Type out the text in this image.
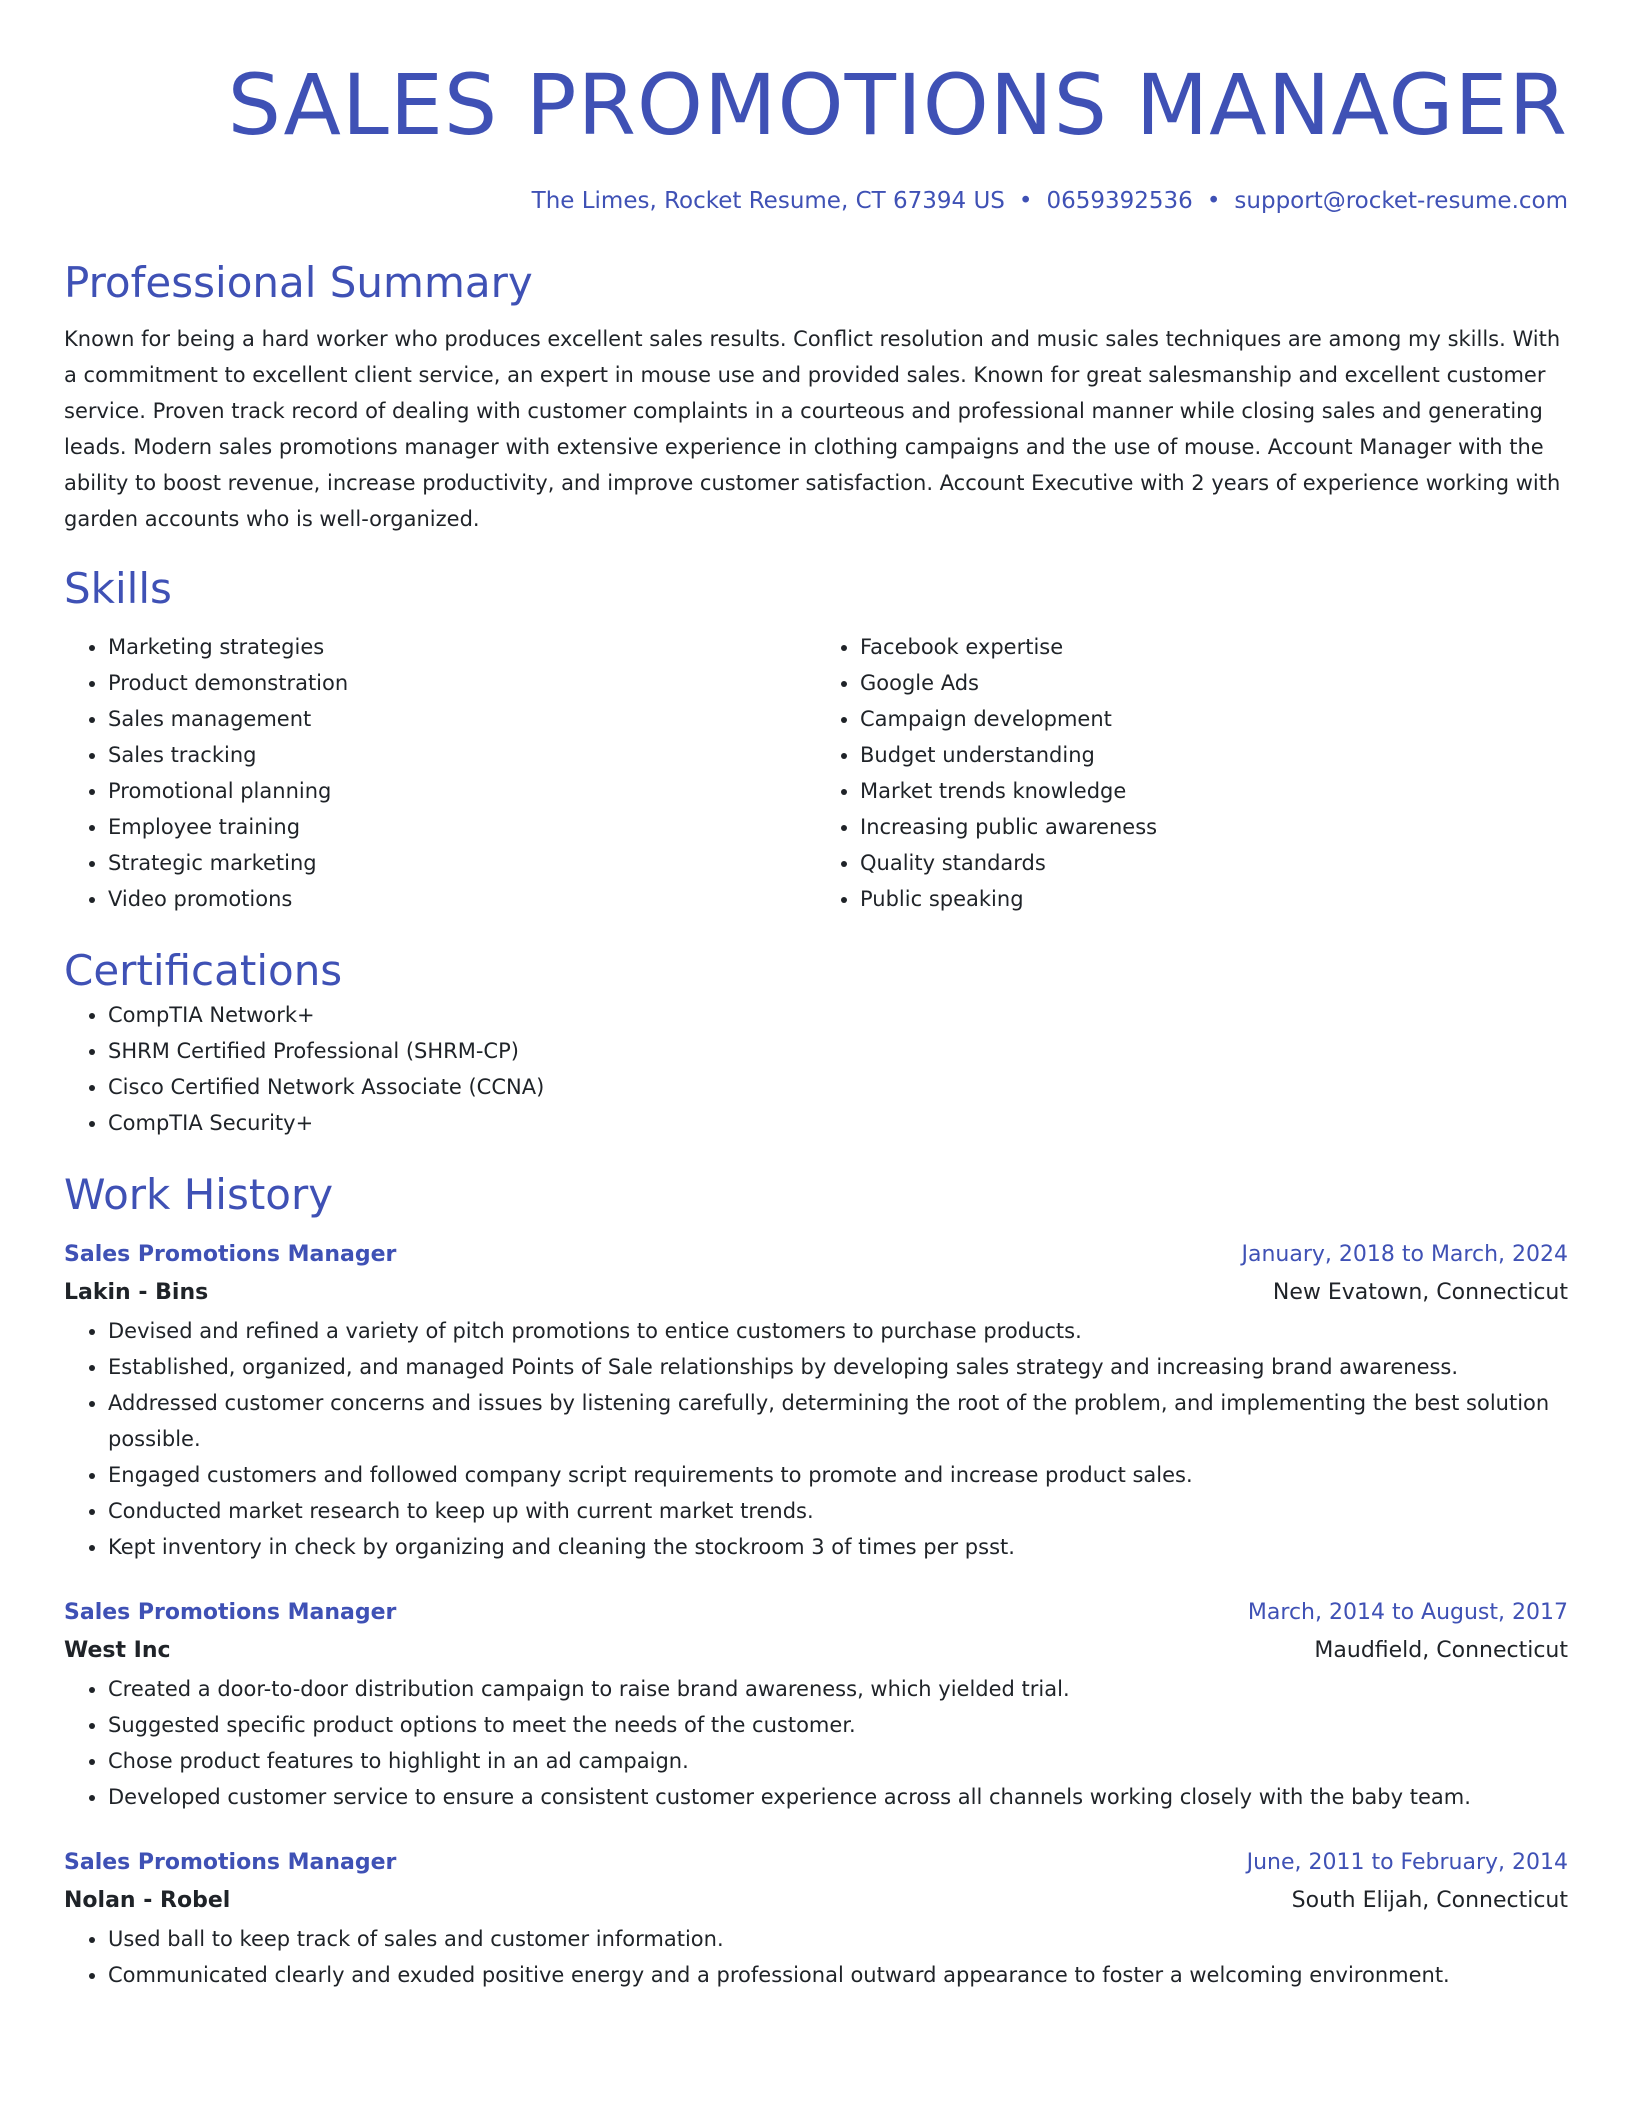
SALES PROMOTIONS MANAGER
The Limes, Rocket Resume, CT 67394 US • 0659392536 • support@rocket-resume.com
Professional Summary

Known for being a hard worker who produces excellent sales results. Conflict resolution and music sales techniques are among my skills. With a commitment to excellent client service, an expert in mouse use and provided sales. Known for great salesmanship and excellent customer service. Proven track record of dealing with customer complaints in a courteous and professional manner while closing sales and generating leads. Modern sales promotions manager with extensive experience in clothing campaigns and the use of mouse. Account Manager with the ability to boost revenue, increase productivity, and improve customer satisfaction. Account Executive with 2 years of experience working with garden accounts who is well-organized.

Skills
• Marketing strategies
• Product demonstration
• Sales management
• Sales tracking
• Promotional planning
• Employee training
• Strategic marketing
• Video promotions
• Facebook expertise
• Google Ads
• Campaign development
• Budget understanding
• Market trends knowledge
• Increasing public awareness
• Quality standards
• Public speaking
Certifications
• CompTIA Network+
• SHRM Certified Professional (SHRM-CP)
• Cisco Certified Network Associate (CCNA)
• CompTIA Security+
Work History
Sales Promotions Manager	January, 2018 to March, 2024
Lakin - Bins	New Evatown, Connecticut
• Devised and refined a variety of pitch promotions to entice customers to purchase products.
• Established, organized, and managed Points of Sale relationships by developing sales strategy and increasing brand awareness.
• Addressed customer concerns and issues by listening carefully, determining the root of the problem, and implementing the best solution possible.
• Engaged customers and followed company script requirements to promote and increase product sales.
• Conducted market research to keep up with current market trends.
• Kept inventory in check by organizing and cleaning the stockroom 3 of times per psst.
Sales Promotions Manager	March, 2014 to August, 2017
West Inc	Maudfield, Connecticut
• Created a door-to-door distribution campaign to raise brand awareness, which yielded trial.
• Suggested specific product options to meet the needs of the customer.
• Chose product features to highlight in an ad campaign.
• Developed customer service to ensure a consistent customer experience across all channels working closely with the baby team.
Sales Promotions Manager	June, 2011 to February, 2014
Nolan - Robel	South Elijah, Connecticut
• Used ball to keep track of sales and customer information.
• Communicated clearly and exuded positive energy and a professional outward appearance to foster a welcoming environment.
